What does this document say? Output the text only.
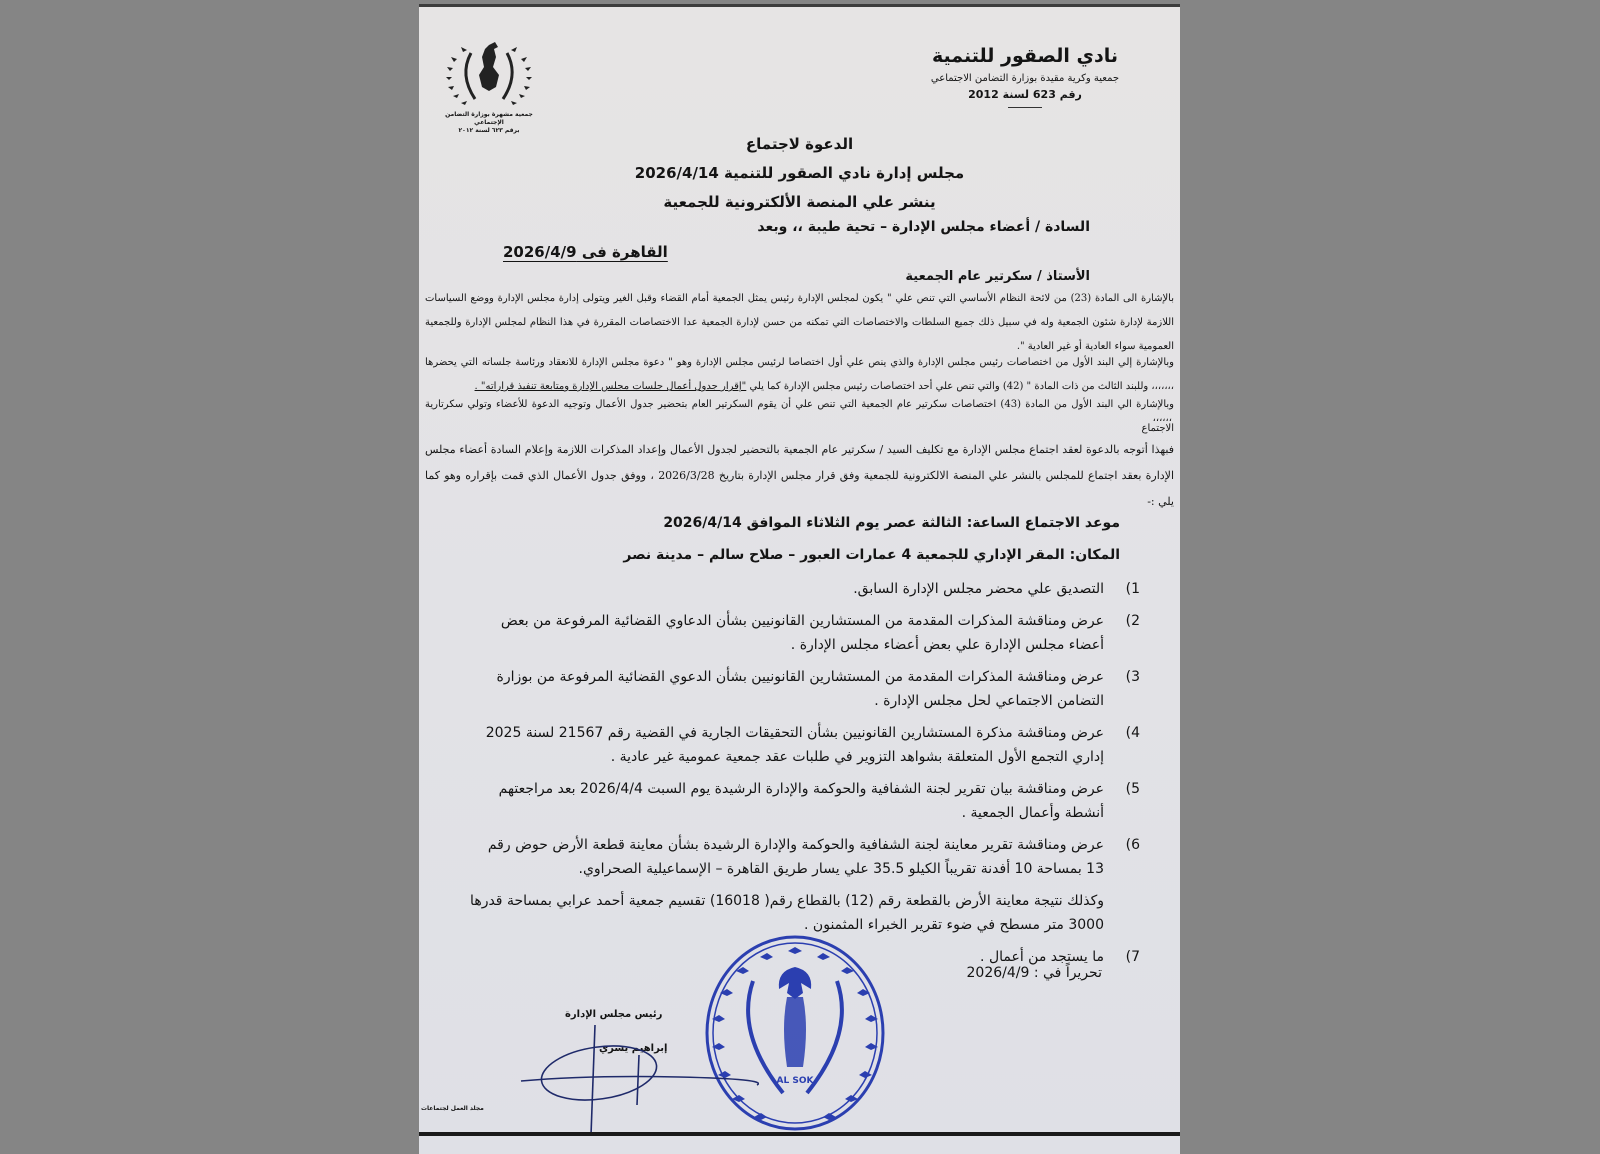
نادي الصقور للتنمية
جمعية وكرية مقيدة بوزارة التضامن الاجتماعي
رقم 623 لسنة 2012
جمعية مشهرة بوزارة التضامن الإجتماعي
برقم ٦٢٣ لسنة ٢٠١٢
الدعوة لاجتماع
مجلس إدارة نادي الصقور للتنمية 2026/4/14
ينشر علي المنصة الألكترونية للجمعية
السادة / أعضاء مجلس الإدارة – تحية طيبة ،، وبعد
القاهرة فى 2026/4/9
الأستاذ / سكرتير عام الجمعية
بالإشارة الى المادة (23) من لائحة النظام الأساسي التي تنص علي " يكون لمجلس الإدارة رئيس يمثل الجمعية أمام القضاء وقبل الغير ويتولى إدارة مجلس الإدارة ووضع السياسات اللازمة لإدارة شئون الجمعية وله في سبيل ذلك جميع السلطات والاختصاصات التي تمكنه من حسن لإدارة الجمعية عدا الاختصاصات المقررة في هذا النظام لمجلس الإدارة وللجمعية العمومية سواء العادية أو غير العادية ".
وبالإشارة إلي البند الأول من اختصاصات رئيس مجلس الإدارة والذي ينص علي أول اختصاصا لرئيس مجلس الإدارة وهو " دعوة مجلس الإدارة للانعقاد ورئاسة جلساته التي يحضرها ،،،،،،، وللبند الثالث من ذات المادة " (42) والتي تنص علي أحد اختصاصات رئيس مجلس الإدارة كما يلي "إقرار جدول أعمال جلسات مجلس الإدارة ومتابعة تنفيذ قراراته" .
وبالإشارة الي البند الأول من المادة (43) اختصاصات سكرتير عام الجمعية التي تنص علي أن يقوم السكرتير العام بتحضير جدول الأعمال وتوجيه الدعوة للأعضاء وتولي سكرتارية الاجتماع
،،،،،،
فبهذا أتوجه بالدعوة لعقد اجتماع مجلس الإدارة مع تكليف السيد / سكرتير عام الجمعية بالتحضير لجدول الأعمال وإعداد المذكرات اللازمة وإعلام السادة أعضاء مجلس الإدارة بعقد اجتماع للمجلس بالنشر علي المنصة الالكترونية للجمعية وفق قرار مجلس الإدارة بتاريخ 2026/3/28 ، ووفق جدول الأعمال الذي قمت بإقراره وهو كما يلي :-
موعد الاجتماع الساعة: الثالثة عصر يوم الثلاثاء الموافق 2026/4/14
المكان: المقر الإداري للجمعية 4 عمارات العبور – صلاح سالم – مدينة نصر
1)
التصديق علي محضر مجلس الإدارة السابق.
2)
عرض ومناقشة المذكرات المقدمة من المستشارين القانونيين بشأن الدعاوي القضائية المرفوعة من بعض أعضاء مجلس الإدارة علي بعض أعضاء مجلس الإدارة .
3)
عرض ومناقشة المذكرات المقدمة من المستشارين القانونيين بشأن الدعوي القضائية المرفوعة من بوزارة التضامن الاجتماعي لحل مجلس الإدارة .
4)
عرض ومناقشة مذكرة المستشارين القانونيين بشأن التحقيقات الجارية في القضية رقم 21567 لسنة 2025 إداري التجمع الأول المتعلقة بشواهد التزوير في طلبات عقد جمعية عمومية غير عادية .
5)
عرض ومناقشة بيان تقرير لجنة الشفافية والحوكمة والإدارة الرشيدة يوم السبت 2026/4/4 بعد مراجعتهم أنشطة وأعمال الجمعية .
6)
عرض ومناقشة تقرير معاينة لجنة الشفافية والحوكمة والإدارة الرشيدة بشأن معاينة قطعة الأرض حوض رقم 13 بمساحة 10 أفدنة تقريباً الكيلو 35.5 علي يسار طريق القاهرة – الإسماعيلية الصحراوي.
وكذلك نتيجة معاينة الأرض بالقطعة رقم (12) بالقطاع رقم( 16018) تقسيم جمعية أحمد عرابي بمساحة قدرها 3000 متر مسطح في ضوء تقرير الخبراء المثمنون .
7)
ما يستجد من أعمال .
تحريراً في : 2026/4/9
AL SOK
رئيس مجلس الإدارة
إبراهيم يسري
مجلد العمل لجتماعات
